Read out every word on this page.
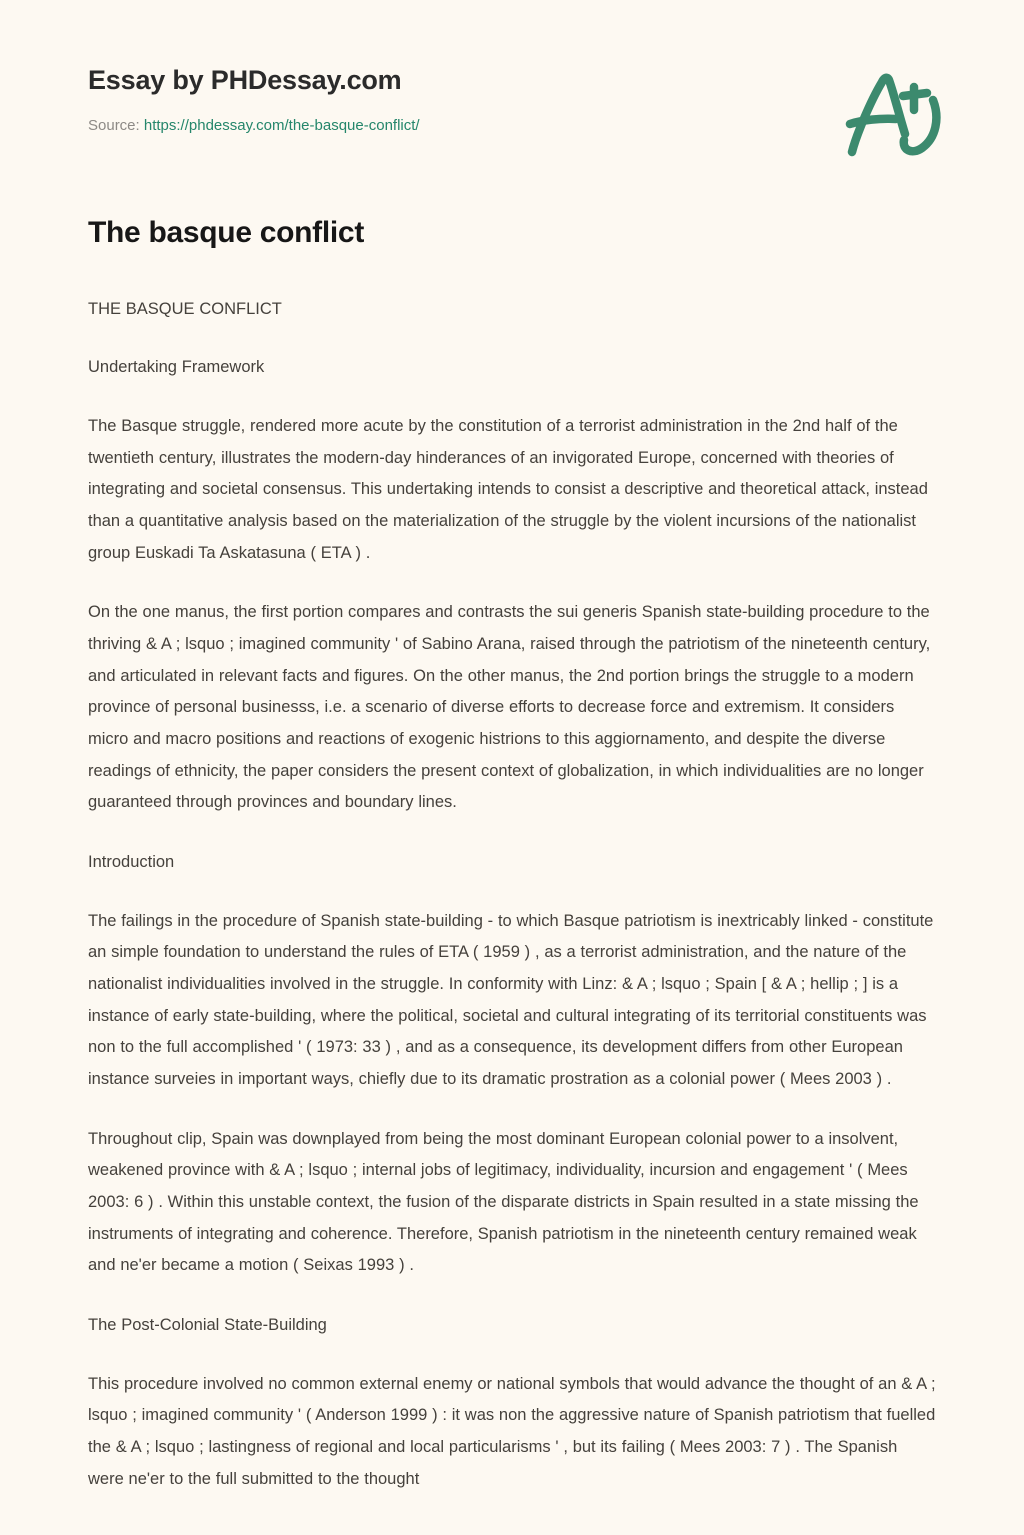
Essay by PHDessay.com
Source: https://phdessay.com/the-basque-conflict/
The basque conflict

THE BASQUE CONFLICT

Undertaking Framework

The Basque struggle, rendered more acute by the constitution of a terrorist administration in the 2nd half of the twentieth century, illustrates the modern-day hinderances of an invigorated Europe, concerned with theories of integrating and societal consensus. This undertaking intends to consist a descriptive and theoretical attack, instead than a quantitative analysis based on the materialization of the struggle by the violent incursions of the nationalist group Euskadi Ta Askatasuna ( ETA ) .

On the one manus, the first portion compares and contrasts the sui generis Spanish state-building procedure to the thriving & A ; lsquo ; imagined community ' of Sabino Arana, raised through the patriotism of the nineteenth century, and articulated in relevant facts and figures. On the other manus, the 2nd portion brings the struggle to a modern province of personal businesss, i.e. a scenario of diverse efforts to decrease force and extremism. It considers micro and macro positions and reactions of exogenic histrions to this aggiornamento, and despite the diverse readings of ethnicity, the paper considers the present context of globalization, in which individualities are no longer guaranteed through provinces and boundary lines.

Introduction

The failings in the procedure of Spanish state-building - to which Basque patriotism is inextricably linked - constitute an simple foundation to understand the rules of ETA ( 1959 ) , as a terrorist administration, and the nature of the nationalist individualities involved in the struggle. In conformity with Linz: & A ; lsquo ; Spain [ & A ; hellip ; ] is a instance of early state-building, where the political, societal and cultural integrating of its territorial constituents was non to the full accomplished ' ( 1973: 33 ) , and as a consequence, its development differs from other European instance surveies in important ways, chiefly due to its dramatic prostration as a colonial power ( Mees 2003 ) .

Throughout clip, Spain was downplayed from being the most dominant European colonial power to a insolvent, weakened province with & A ; lsquo ; internal jobs of legitimacy, individuality, incursion and engagement ' ( Mees 2003: 6 ) . Within this unstable context, the fusion of the disparate districts in Spain resulted in a state missing the instruments of integrating and coherence. Therefore, Spanish patriotism in the nineteenth century remained weak and ne'er became a motion ( Seixas 1993 ) .

The Post-Colonial State-Building

This procedure involved no common external enemy or national symbols that would advance the thought of an & A ; lsquo ; imagined community ' ( Anderson 1999 ) : it was non the aggressive nature of Spanish patriotism that fuelled the & A ; lsquo ; lastingness of regional and local particularisms ' , but its failing ( Mees 2003: 7 ) . The Spanish were ne'er to the full submitted to the thought
